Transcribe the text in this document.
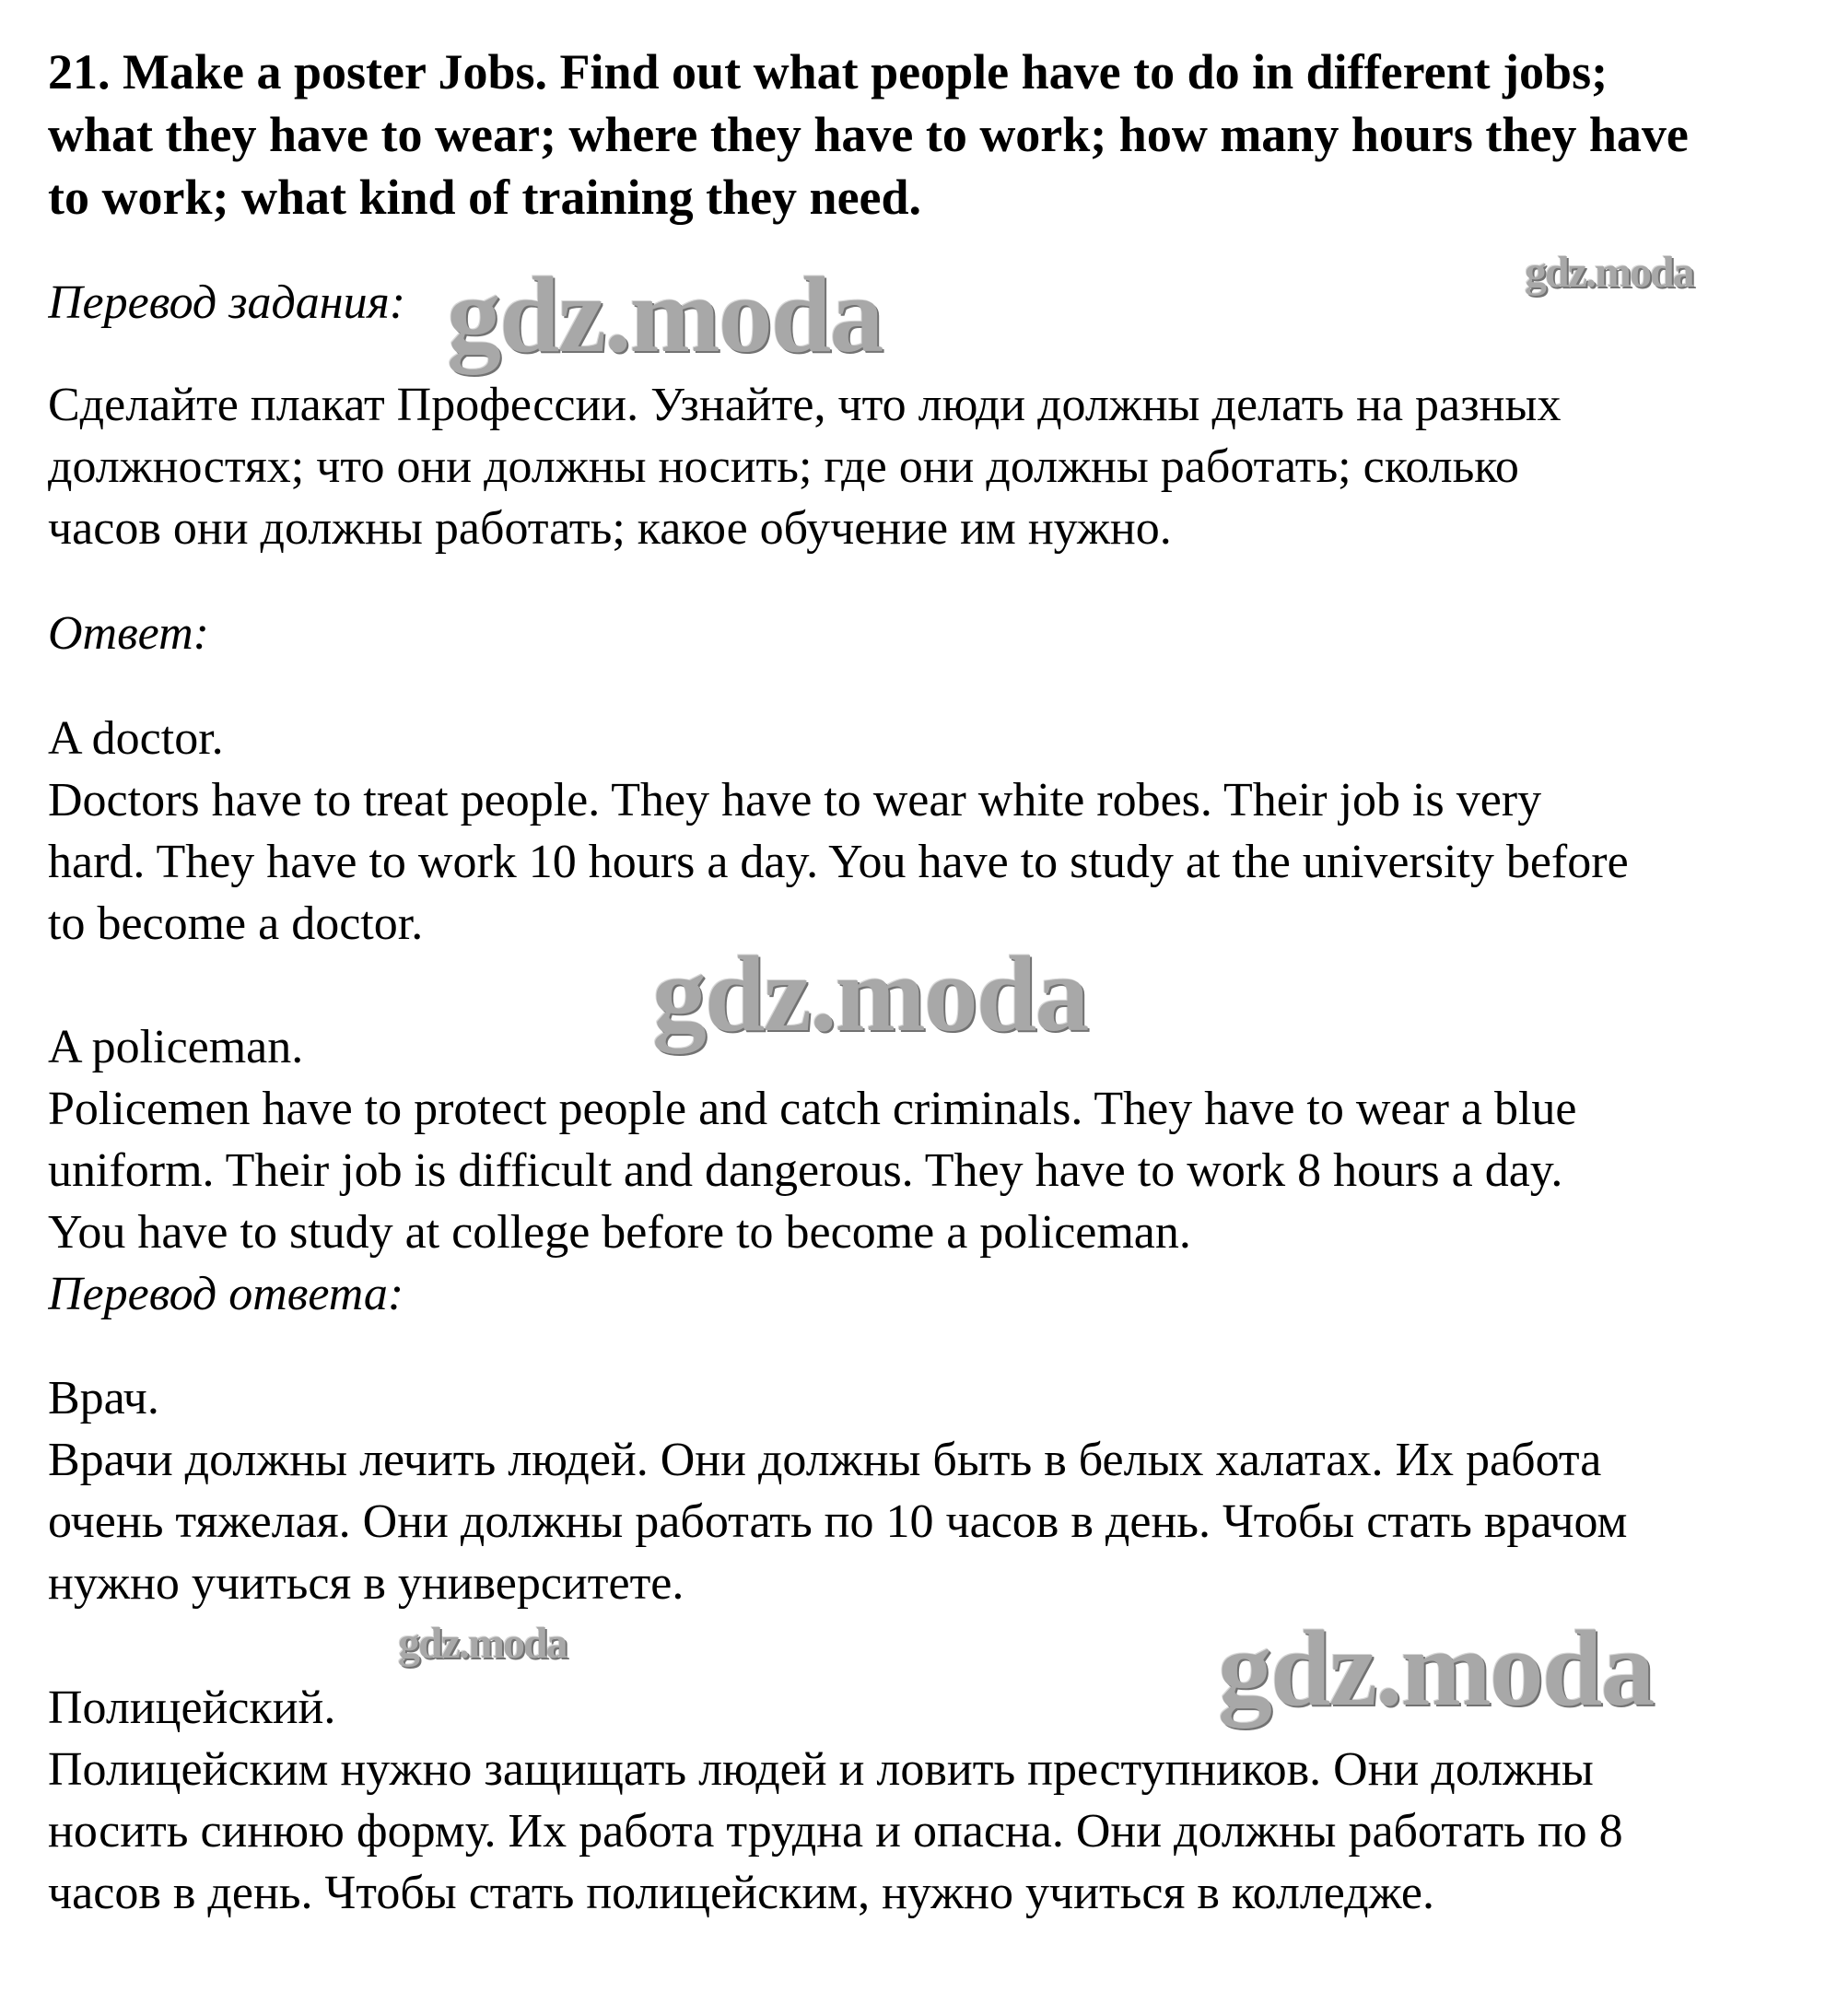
21. Make a poster Jobs. Find out what people have to do in different jobs;
what they have to wear; where they have to work; how many hours they have
to work; what kind of training they need.
Перевод задания:
Сделайте плакат Профессии. Узнайте, что люди должны делать на разных
должностях; что они должны носить; где они должны работать; сколько
часов они должны работать; какое обучение им нужно.
Ответ:
A doctor.
Doctors have to treat people. They have to wear white robes. Their job is very
hard. They have to work 10 hours a day. You have to study at the university before
to become a doctor.
A policeman.
Policemen have to protect people and catch criminals. They have to wear a blue
uniform. Their job is difficult and dangerous. They have to work 8 hours a day.
You have to study at college before to become a policeman.
Перевод ответа:
Врач.
Врачи должны лечить людей. Они должны быть в белых халатах. Их работа
очень тяжелая. Они должны работать по 10 часов в день. Чтобы стать врачом
нужно учиться в университете.
Полицейский.
Полицейским нужно защищать людей и ловить преступников. Они должны
носить синюю форму. Их работа трудна и опасна. Они должны работать по 8
часов в день. Чтобы стать полицейским, нужно учиться в колледже.
gdz.moda	gdz.moda
gdz.moda
gdz.moda	gdz.moda
